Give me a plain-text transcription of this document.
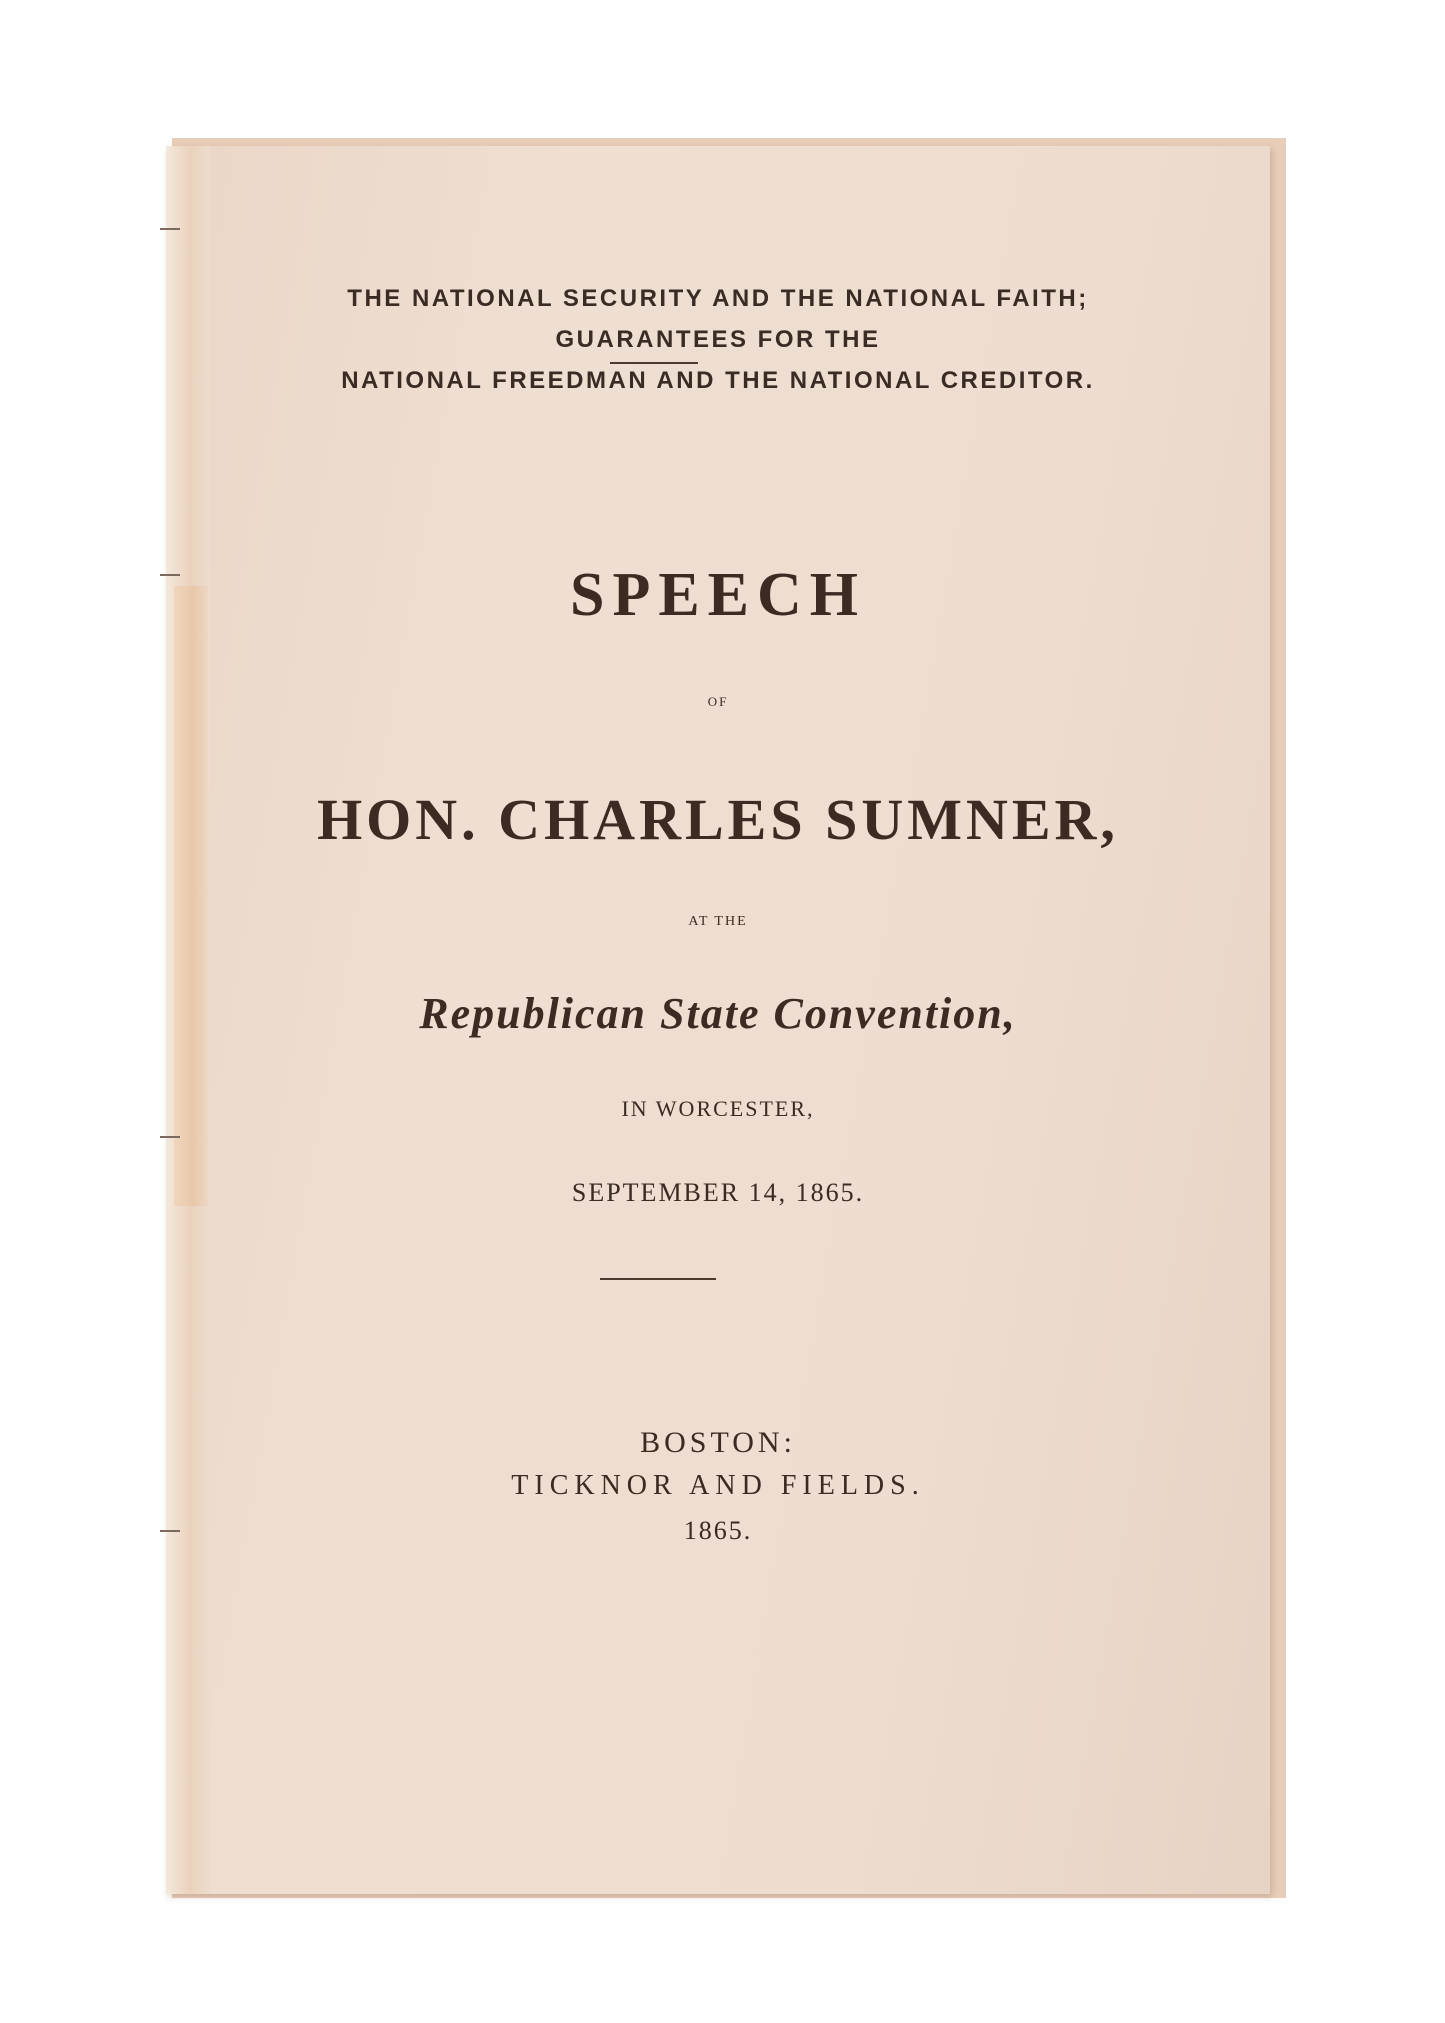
THE NATIONAL SECURITY AND THE NATIONAL FAITH;
GUARANTEES FOR THE
NATIONAL FREEDMAN AND THE NATIONAL CREDITOR.
SPEECH
OF
HON. CHARLES SUMNER,
AT THE
Republican State Convention,
IN WORCESTER,
SEPTEMBER 14, 1865.
BOSTON:
TICKNOR AND FIELDS.
1865.
